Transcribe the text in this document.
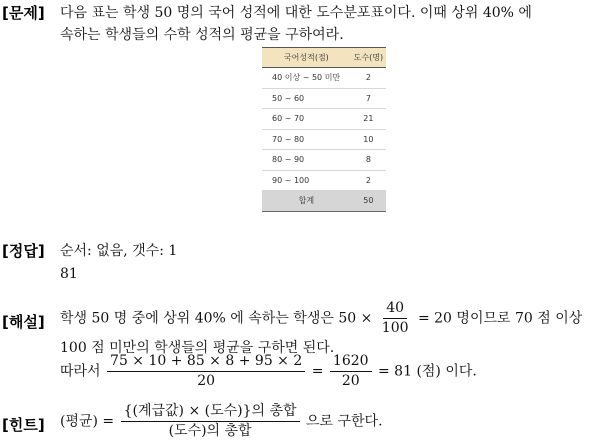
[문제] 다음 표는 학생 50 명의 국어 성적에 대한 도수분포표이다. 이때 상위 40% 에
속하는 학생들의 수학 성적의 평균을 구하여라.
국어성적(점)	도수(명)
40 이상 ~ 50 미만	2
50 ~ 60	7
60 ~ 70	21
70 ~ 80	10
80 ~ 90	8
90 ~ 100	2
합계	50
[정답] 순서: 없음, 갯수: 1
81
[해설] 학생 50 명 중에 상위 40% 에 속하는 학생은 $50 \times \frac{40}{100} = 20$ 명이므로 70 점 이상
100 점 미만의 학생들의 평균을 구하면 된다.
따라서 $\frac{75 \times 10 + 85 \times 8 + 95 \times 2}{20} = \frac{1620}{20} = 81$ (점) 이다.
[힌트] (평균) = $\frac{\text{\{(계급값) × (도수)\}의 총합}}{\text{(도수)의 총합}}$ 으로 구한다.
